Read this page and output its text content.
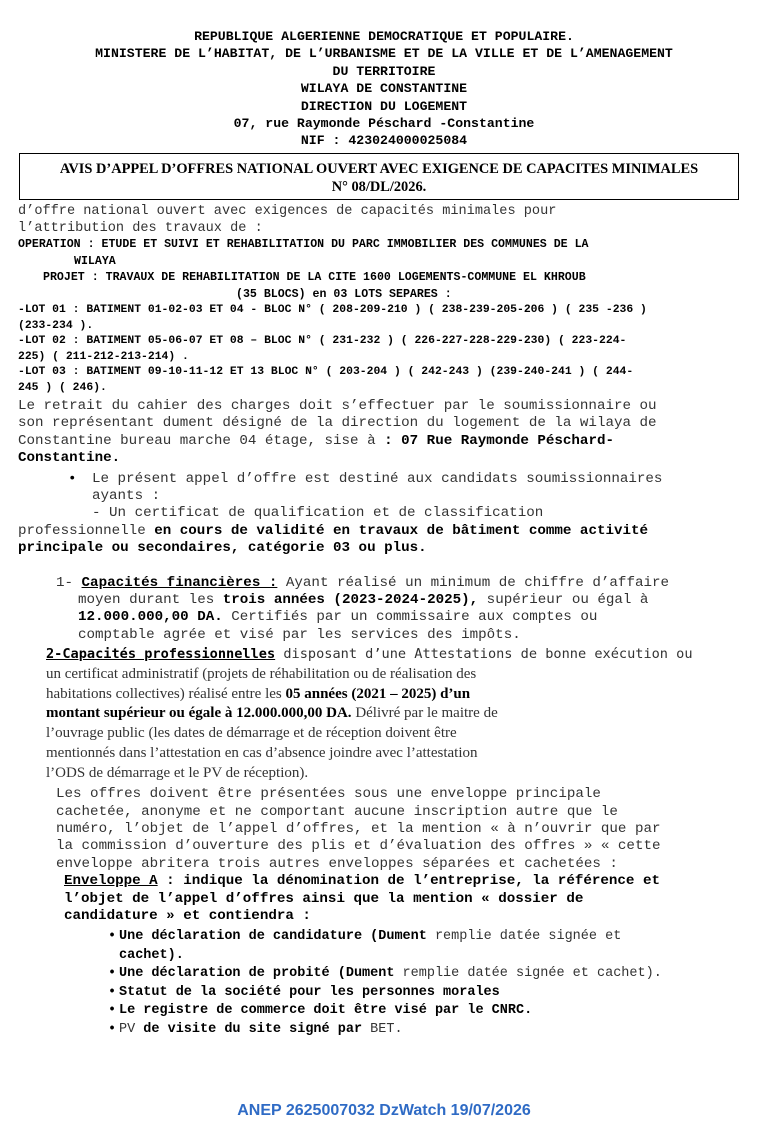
REPUBLIQUE ALGERIENNE DEMOCRATIQUE ET POPULAIRE.
MINISTERE DE L’HABITAT, DE L’URBANISME ET DE LA VILLE ET DE L’AMENAGEMENT
DU TERRITOIRE
WILAYA DE CONSTANTINE
DIRECTION DU LOGEMENT
07, rue Raymonde Péschard -Constantine
NIF : 423024000025084
AVIS D’APPEL D’OFFRES NATIONAL OUVERT AVEC EXIGENCE DE CAPACITES MINIMALES
N° 08/DL/2026.
d’offre national ouvert avec exigences de capacités minimales pour
l’attribution des travaux de :
OPERATION : ETUDE ET SUIVI ET REHABILITATION DU PARC IMMOBILIER DES COMMUNES DE LA
WILAYA
PROJET : TRAVAUX DE REHABILITATION DE LA CITE 1600 LOGEMENTS-COMMUNE EL KHROUB
(35 BLOCS) en 03 LOTS SEPARES :
-LOT 01 : BATIMENT 01-02-03 ET 04 - BLOC N° ( 208-209-210 ) ( 238-239-205-206 ) ( 235 -236 )
(233-234 ).
-LOT 02 : BATIMENT 05-06-07 ET 08 – BLOC N° ( 231-232 ) ( 226-227-228-229-230) ( 223-224-
225) ( 211-212-213-214) .
-LOT 03 : BATIMENT 09-10-11-12 ET 13 BLOC N° ( 203-204 ) ( 242-243 ) (239-240-241 ) ( 244-
245 ) ( 246).
Le retrait du cahier des charges doit s’effectuer par le soumissionnaire ou
son représentant dument désigné de la direction du logement de la wilaya de
Constantine bureau marche 04 étage, sise à : 07 Rue Raymonde Péschard-
Constantine.
• Le présent appel d’offre est destiné aux candidats soumissionnaires
ayants :
- Un certificat de qualification et de classification
professionnelle en cours de validité en travaux de bâtiment comme activité
principale ou secondaires, catégorie 03 ou plus.
1- Capacités financières : Ayant réalisé un minimum de chiffre d’affaire
moyen durant les trois années (2023-2024-2025), supérieur ou égal à
12.000.000,00 DA. Certifiés par un commissaire aux comptes ou
comptable agrée et visé par les services des impôts.
2-Capacités professionnelles disposant d’une Attestations de bonne exécution ou
un certificat administratif (projets de réhabilitation ou de réalisation des
habitations collectives) réalisé entre les 05 années (2021 – 2025) d’un
montant supérieur ou égale à 12.000.000,00 DA. Délivré par le maitre de
l’ouvrage public (les dates de démarrage et de réception doivent être
mentionnés dans l’attestation en cas d’absence joindre avec l’attestation
l’ODS de démarrage et le PV de réception).
Les offres doivent être présentées sous une enveloppe principale
cachetée, anonyme et ne comportant aucune inscription autre que le
numéro, l’objet de l’appel d’offres, et la mention « à n’ouvrir que par
la commission d’ouverture des plis et d’évaluation des offres » « cette
enveloppe abritera trois autres enveloppes séparées et cachetées :
Enveloppe A : indique la dénomination de l’entreprise, la référence et
l’objet de l’appel d’offres ainsi que la mention « dossier de
candidature » et contiendra :
• Une déclaration de candidature (Dument remplie datée signée et
cachet).
• Une déclaration de probité (Dument remplie datée signée et cachet).
• Statut de la société pour les personnes morales
• Le registre de commerce doit être visé par le CNRC.
• PV de visite du site signé par BET.
ANEP 2625007032 DzWatch 19/07/2026
